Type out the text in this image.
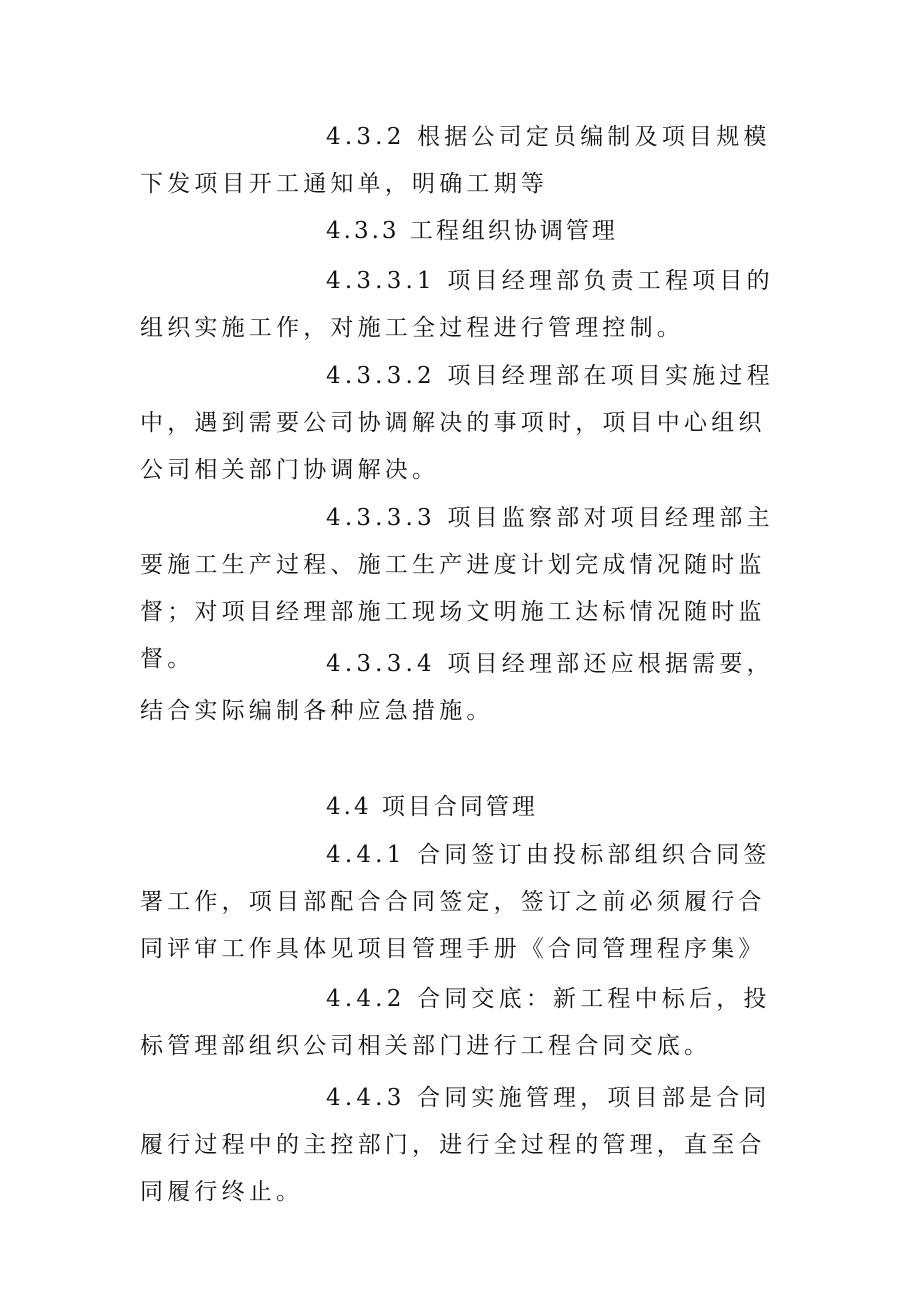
4.3.2 根据公司定员编制及项目规模下发项目开工通知单，明确工期等

4.3.3 工程组织协调管理

4.3.3.1 项目经理部负责工程项目的组织实施工作，对施工全过程进行管理控制。

4.3.3.2 项目经理部在项目实施过程中，遇到需要公司协调解决的事项时，项目中心组织公司相关部门协调解决。

4.3.3.3 项目监察部对项目经理部主要施工生产过程、施工生产进度计划完成情况随时监督；对项目经理部施工现场文明施工达标情况随时监督。	4.3.3.4 项目经理部还应根据需要，结合实际编制各种应急措施。

4.4 项目合同管理

4.4.1 合同签订由投标部组织合同签署工作，项目部配合合同签定，签订之前必须履行合同评审工作具体见项目管理手册《合同管理程序集》

4.4.2 合同交底：新工程中标后，投标管理部组织公司相关部门进行工程合同交底。

4.4.3 合同实施管理，项目部是合同履行过程中的主控部门，进行全过程的管理，直至合同履行终止。
